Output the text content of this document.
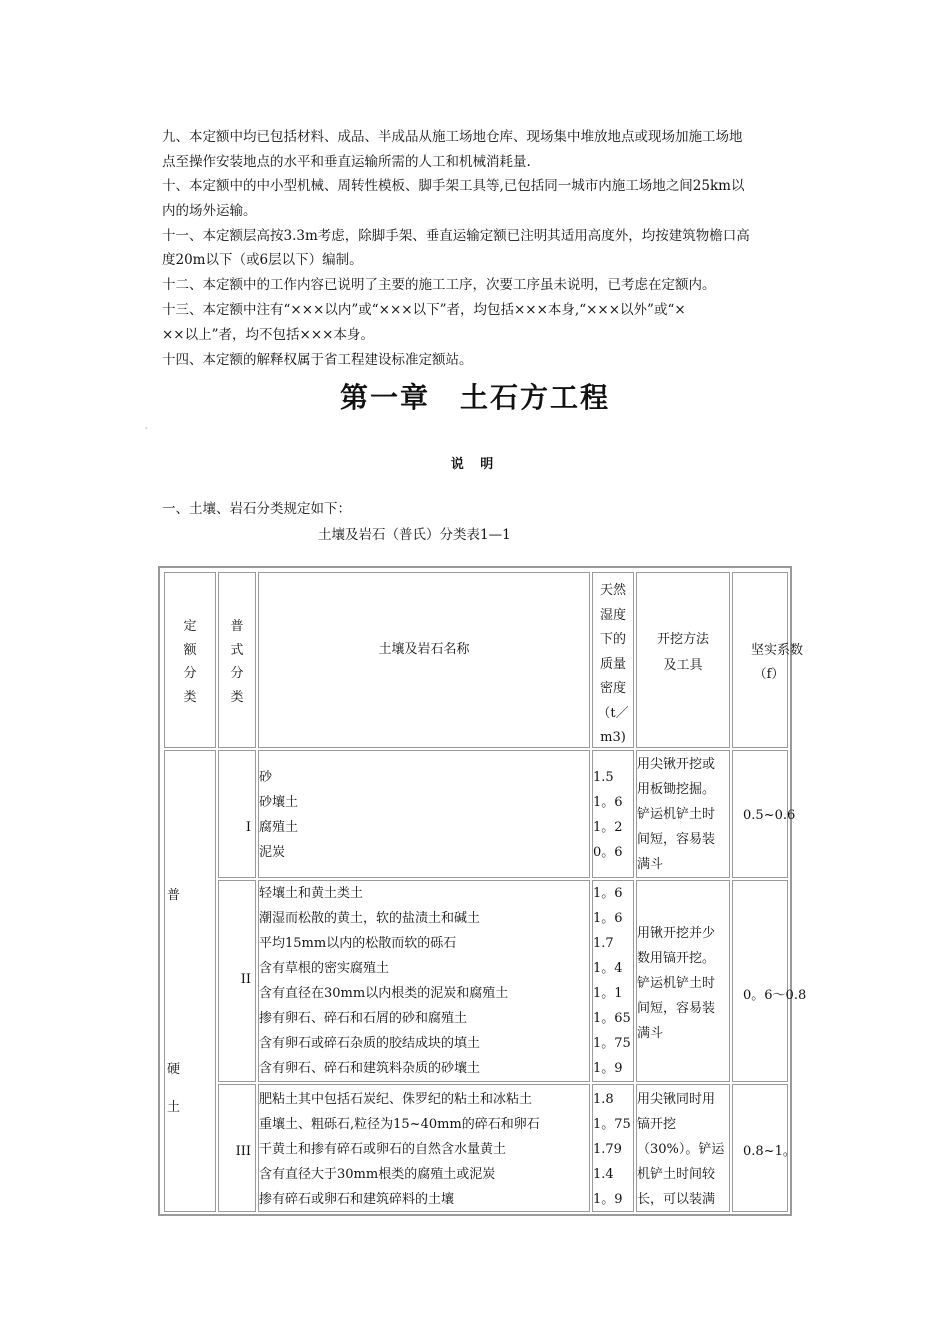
九、本定额中均已包括材料、成品、半成品从施工场地仓库、现场集中堆放地点或现场加施工场地

点至操作安装地点的水平和垂直运输所需的人工和机械消耗量.

十、本定额中的中小型机械、周转性模板、脚手架工具等,已包括同一城市内施工场地之间25km以

内的场外运输。

十一、本定额层高按3.3m考虑，除脚手架、垂直运输定额已注明其适用高度外，均按建筑物檐口高

度20m以下（或6层以下）编制。

十二、本定额中的工作内容已说明了主要的施工工序，次要工序虽未说明，已考虑在定额内。

十三、本定额中注有“×××以内”或“×××以下”者，均包括×××本身,“×××以外”或“×

××以上”者，均不包括×××本身。

十四、本定额的解释权属于省工程建设标准定额站。

第一章　土石方工程
'
说 明
一、土壤、岩石分类规定如下：
土壤及岩石（普氏）分类表1—1
定
额
分
类
普
式
分
类
土壤及岩石名称
天然
湿度
下的
质量
密度
（t／
m3)
开挖方法
及工具
坚实系数
（f）
普
硬
土
I
砂
砂壤土
腐殖土
泥炭
1.5
1。6
1。2
0。6
用尖锹开挖或
用板锄挖掘。
铲运机铲土时
间短，容易装
满斗
0.5~0.6
II
轻壤土和黄土类土
潮湿而松散的黄土，软的盐渍土和碱土
平均15mm以内的松散而软的砾石
含有草根的密实腐殖土
含有直径在30mm以内根类的泥炭和腐殖土
掺有卵石、碎石和石屑的砂和腐殖土
含有卵石或碎石杂质的胶结成块的填土
含有卵石、碎石和建筑料杂质的砂壤土
1。6
1。6
1.7
1。4
1。1
1。65
1。75
1。9
用锹开挖并少
数用镐开挖。
铲运机铲土时
间短，容易装
满斗
0。6～0.8
III
肥粘土其中包括石炭纪、侏罗纪的粘土和冰粘土
重壤土、粗砾石,粒径为15~40mm的碎石和卵石
干黄土和掺有碎石或卵石的自然含水量黄土
含有直径大于30mm根类的腐殖土或泥炭
掺有碎石或卵石和建筑碎料的土壤
1.8
1。75
1.79
1.4
1。9
用尖锹同时用
镐开挖
（30%）。铲运
机铲土时间较
长，可以装满
0.8~1。
